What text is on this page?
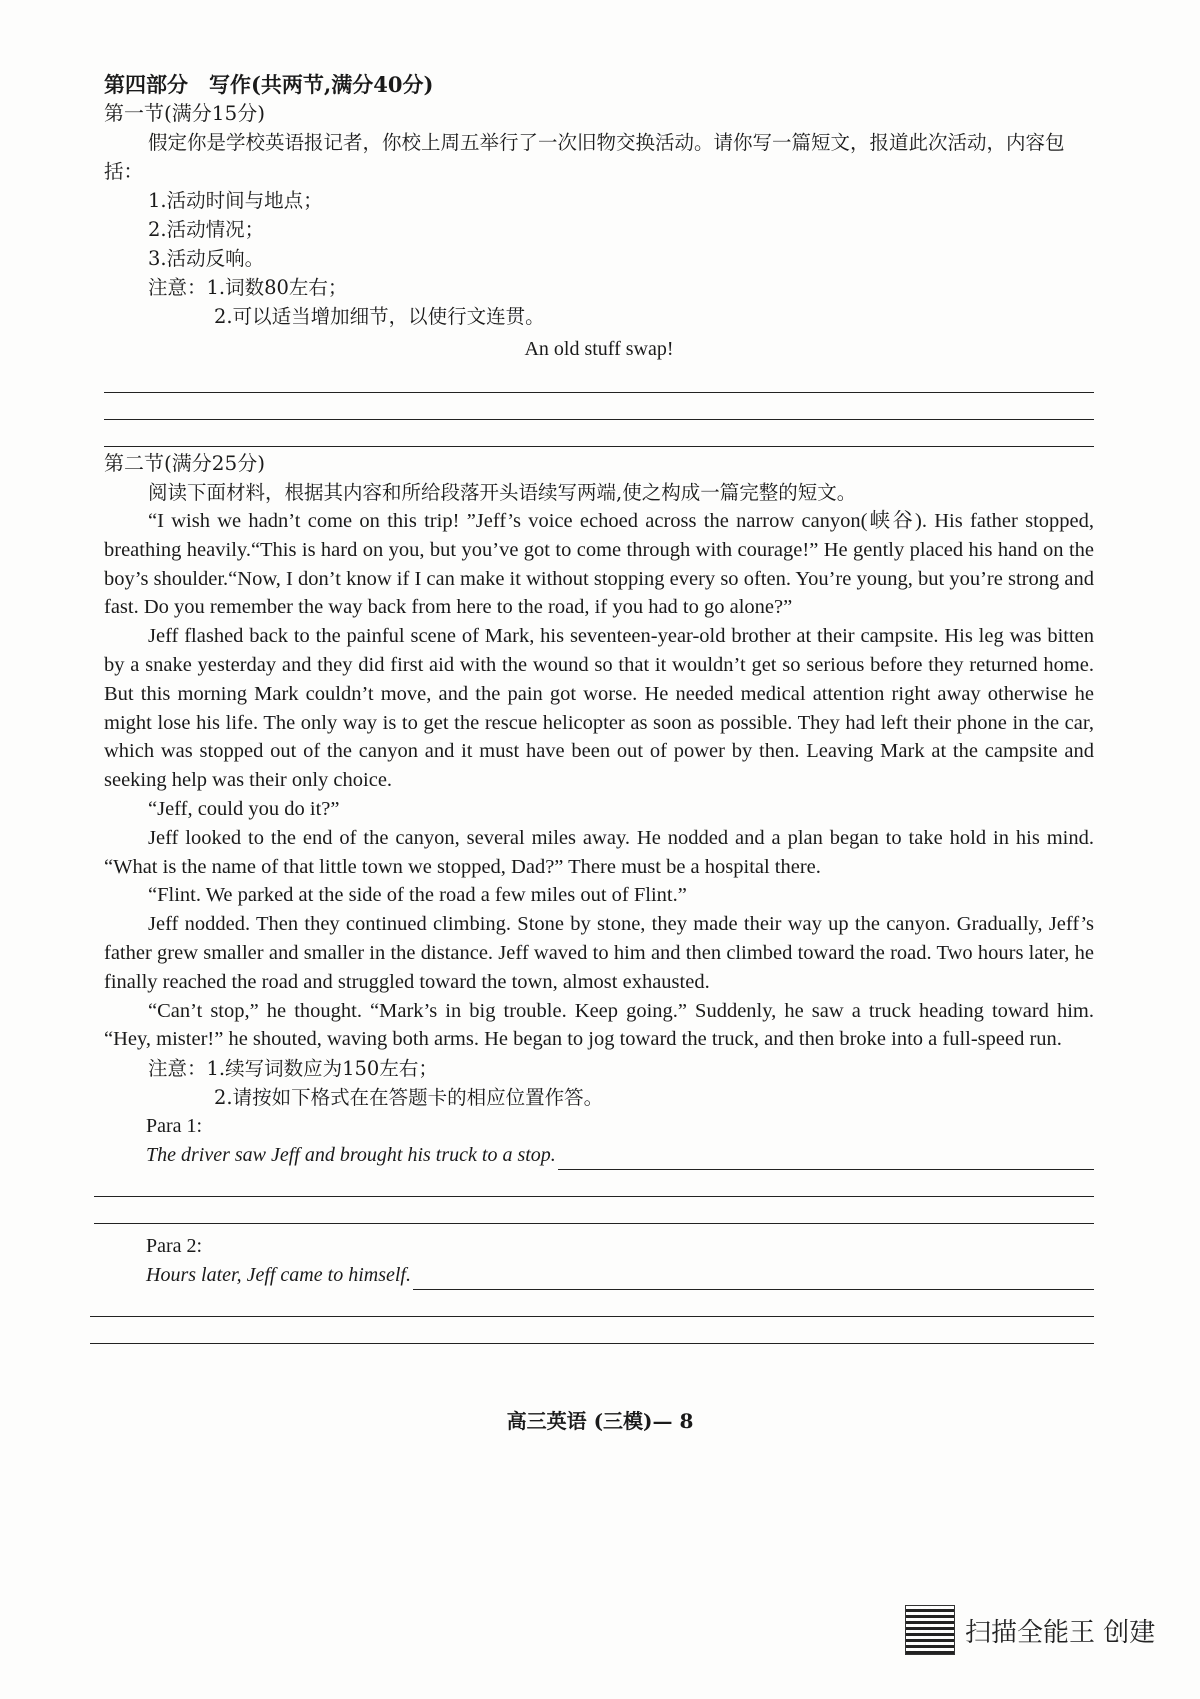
第四部分　写作(共两节,满分40分)
第一节(满分15分)
假定你是学校英语报记者，你校上周五举行了一次旧物交换活动。请你写一篇短文，报道此次活动，内容包括：
1.活动时间与地点；
2.活动情况；
3.活动反响。
注意：1.词数80左右；
2.可以适当增加细节，以使行文连贯。
An old stuff swap!
第二节(满分25分)
阅读下面材料，根据其内容和所给段落开头语续写两端,使之构成一篇完整的短文。

“I wish we hadn’t come on this trip! ”Jeff’s voice echoed across the narrow canyon(峡谷). His father stopped, breathing heavily.“This is hard on you, but you’ve got to come through with courage!” He gently placed his hand on the boy’s shoulder.“Now, I don’t know if I can make it without stopping every so often. You’re young, but you’re strong and fast. Do you remember the way back from here to the road, if you had to go alone?”

Jeff flashed back to the painful scene of Mark, his seventeen-year-old brother at their campsite. His leg was bitten by a snake yesterday and they did first aid with the wound so that it wouldn’t get so serious before they returned home. But this morning Mark couldn’t move, and the pain got worse. He needed medical attention right away otherwise he might lose his life. The only way is to get the rescue helicopter as soon as possible. They had left their phone in the car, which was stopped out of the canyon and it must have been out of power by then. Leaving Mark at the campsite and seeking help was their only choice.

“Jeff, could you do it?”

Jeff looked to the end of the canyon, several miles away. He nodded and a plan began to take hold in his mind. “What is the name of that little town we stopped, Dad?” There must be a hospital there.

“Flint. We parked at the side of the road a few miles out of Flint.”

Jeff nodded. Then they continued climbing. Stone by stone, they made their way up the canyon. Gradually, Jeff’s father grew smaller and smaller in the distance. Jeff waved to him and then climbed toward the road. Two hours later, he finally reached the road and struggled toward the town, almost exhausted.

“Can’t stop,” he thought. “Mark’s in big trouble. Keep going.” Suddenly, he saw a truck heading toward him. “Hey, mister!” he shouted, waving both arms. He began to jog toward the truck, and then broke into a full-speed run.

注意：1.续写词数应为150左右；
2.请按如下格式在在答题卡的相应位置作答。
Para 1:
The driver saw Jeff and brought his truck to a stop.
Para 2:
Hours later, Jeff came to himself.
高三英语 (三模)— 8
扫描全能王 创建
